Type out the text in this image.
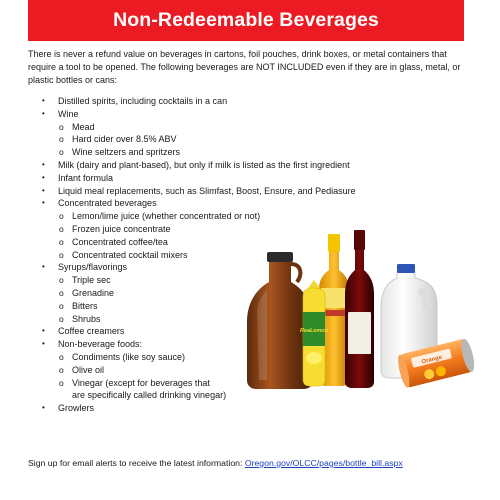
Non-Redeemable Beverages

There is never a refund value on beverages in cartons, foil pouches, drink boxes, or metal containers that require a tool to be opened. The following beverages are NOT INCLUDED even if they are in glass, metal, or plastic bottles or cans:

• Distilled spirits, including cocktails in a can
• Wine
o Mead
o Hard cider over 8.5% ABV
o Wine seltzers and spritzers
• Milk (dairy and plant-based), but only if milk is listed as the first ingredient
• Infant formula
• Liquid meal replacements, such as Slimfast, Boost, Ensure, and Pediasure
• Concentrated beverages
o Lemon/lime juice (whether concentrated or not)
o Frozen juice concentrate
o Concentrated coffee/tea
o Concentrated cocktail mixers
• Syrups/flavorings
o Triple sec
o Grenadine
o Bitters
o Shrubs
• Coffee creamers
• Non-beverage foods:
o Condiments (like soy sauce)
o Olive oil
o Vinegar (except for beverages that
are specifically called drinking vinegar)
• Growlers
ReaLemon
Orange
Sign up for email alerts to receive the latest information: Oregon.gov/OLCC/pages/bottle_bill.aspx
